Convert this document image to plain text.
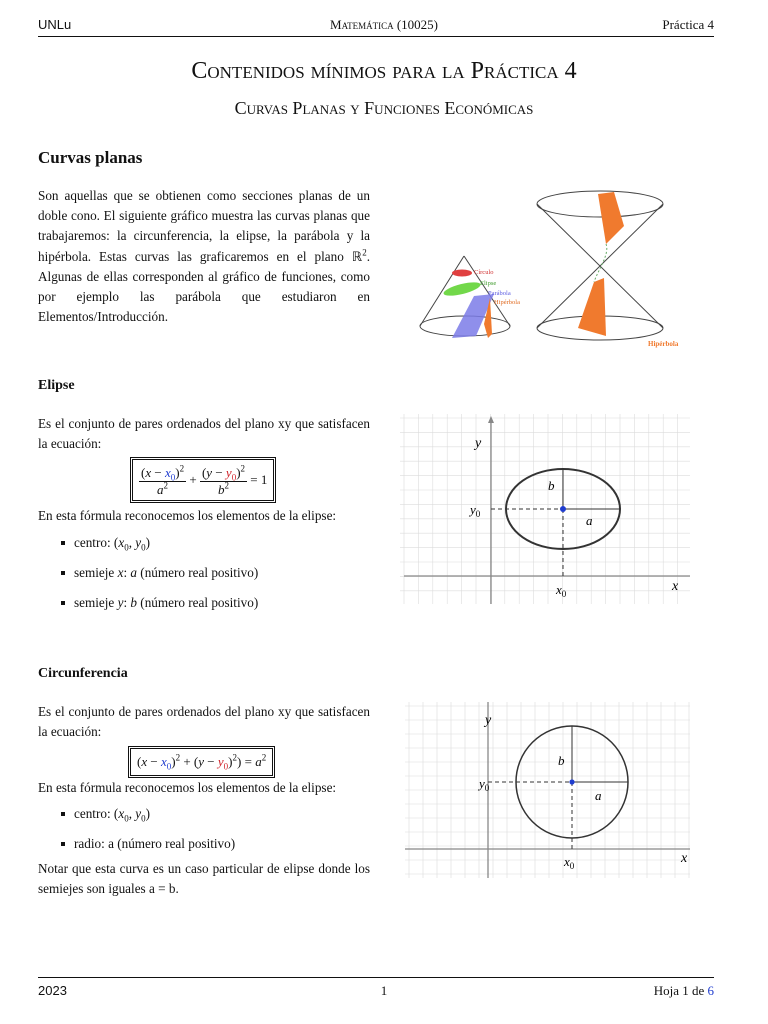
UNLu	Matemática (10025)	Práctica 4
Contenidos mínimos para la Práctica 4
Curvas Planas y Funciones Económicas
Curvas planas

Son aquellas que se obtienen como secciones planas de un doble cono. El siguiente gráfico muestra las curvas planas que trabajaremos: la circunferencia, la elipse, la parábola y la hipérbola. Estas curvas las graficaremos en el plano ℝ$^2$. Algunas de ellas corresponden al gráfico de funciones, como por ejemplo las parábola que estudiaron en Elementos/Introducción.

Círculo
Elipse
Parábola
Hipérbola
Hipérbola
Elipse
Es el conjunto de pares ordenados del plano xy que satisfacen la ecuación:
$\frac{(x - x_0)^2}{a^2} + \frac{(y - y_0)^2}{b^2} = 1$
En esta fórmula reconocemos los elementos de la elipse:
centro: ($x_0$, $y_0$)
semieje x: a (número real positivo)
semieje y: b (número real positivo)
y
x
$y_0$
$x_0$
a
b
Circunferencia
Es el conjunto de pares ordenados del plano xy que satisfacen la ecuación:
$(x - x_0)^2 + (y - y_0)^2) = a^2$
En esta fórmula reconocemos los elementos de la elipse:
centro: ($x_0$, $y_0$)
radio: a (número real positivo)
Notar que esta curva es un caso particular de elipse donde los semiejes son iguales a = b.
y
x
$y_0$
$x_0$
a
b
2023	1	Hoja 1 de 6
